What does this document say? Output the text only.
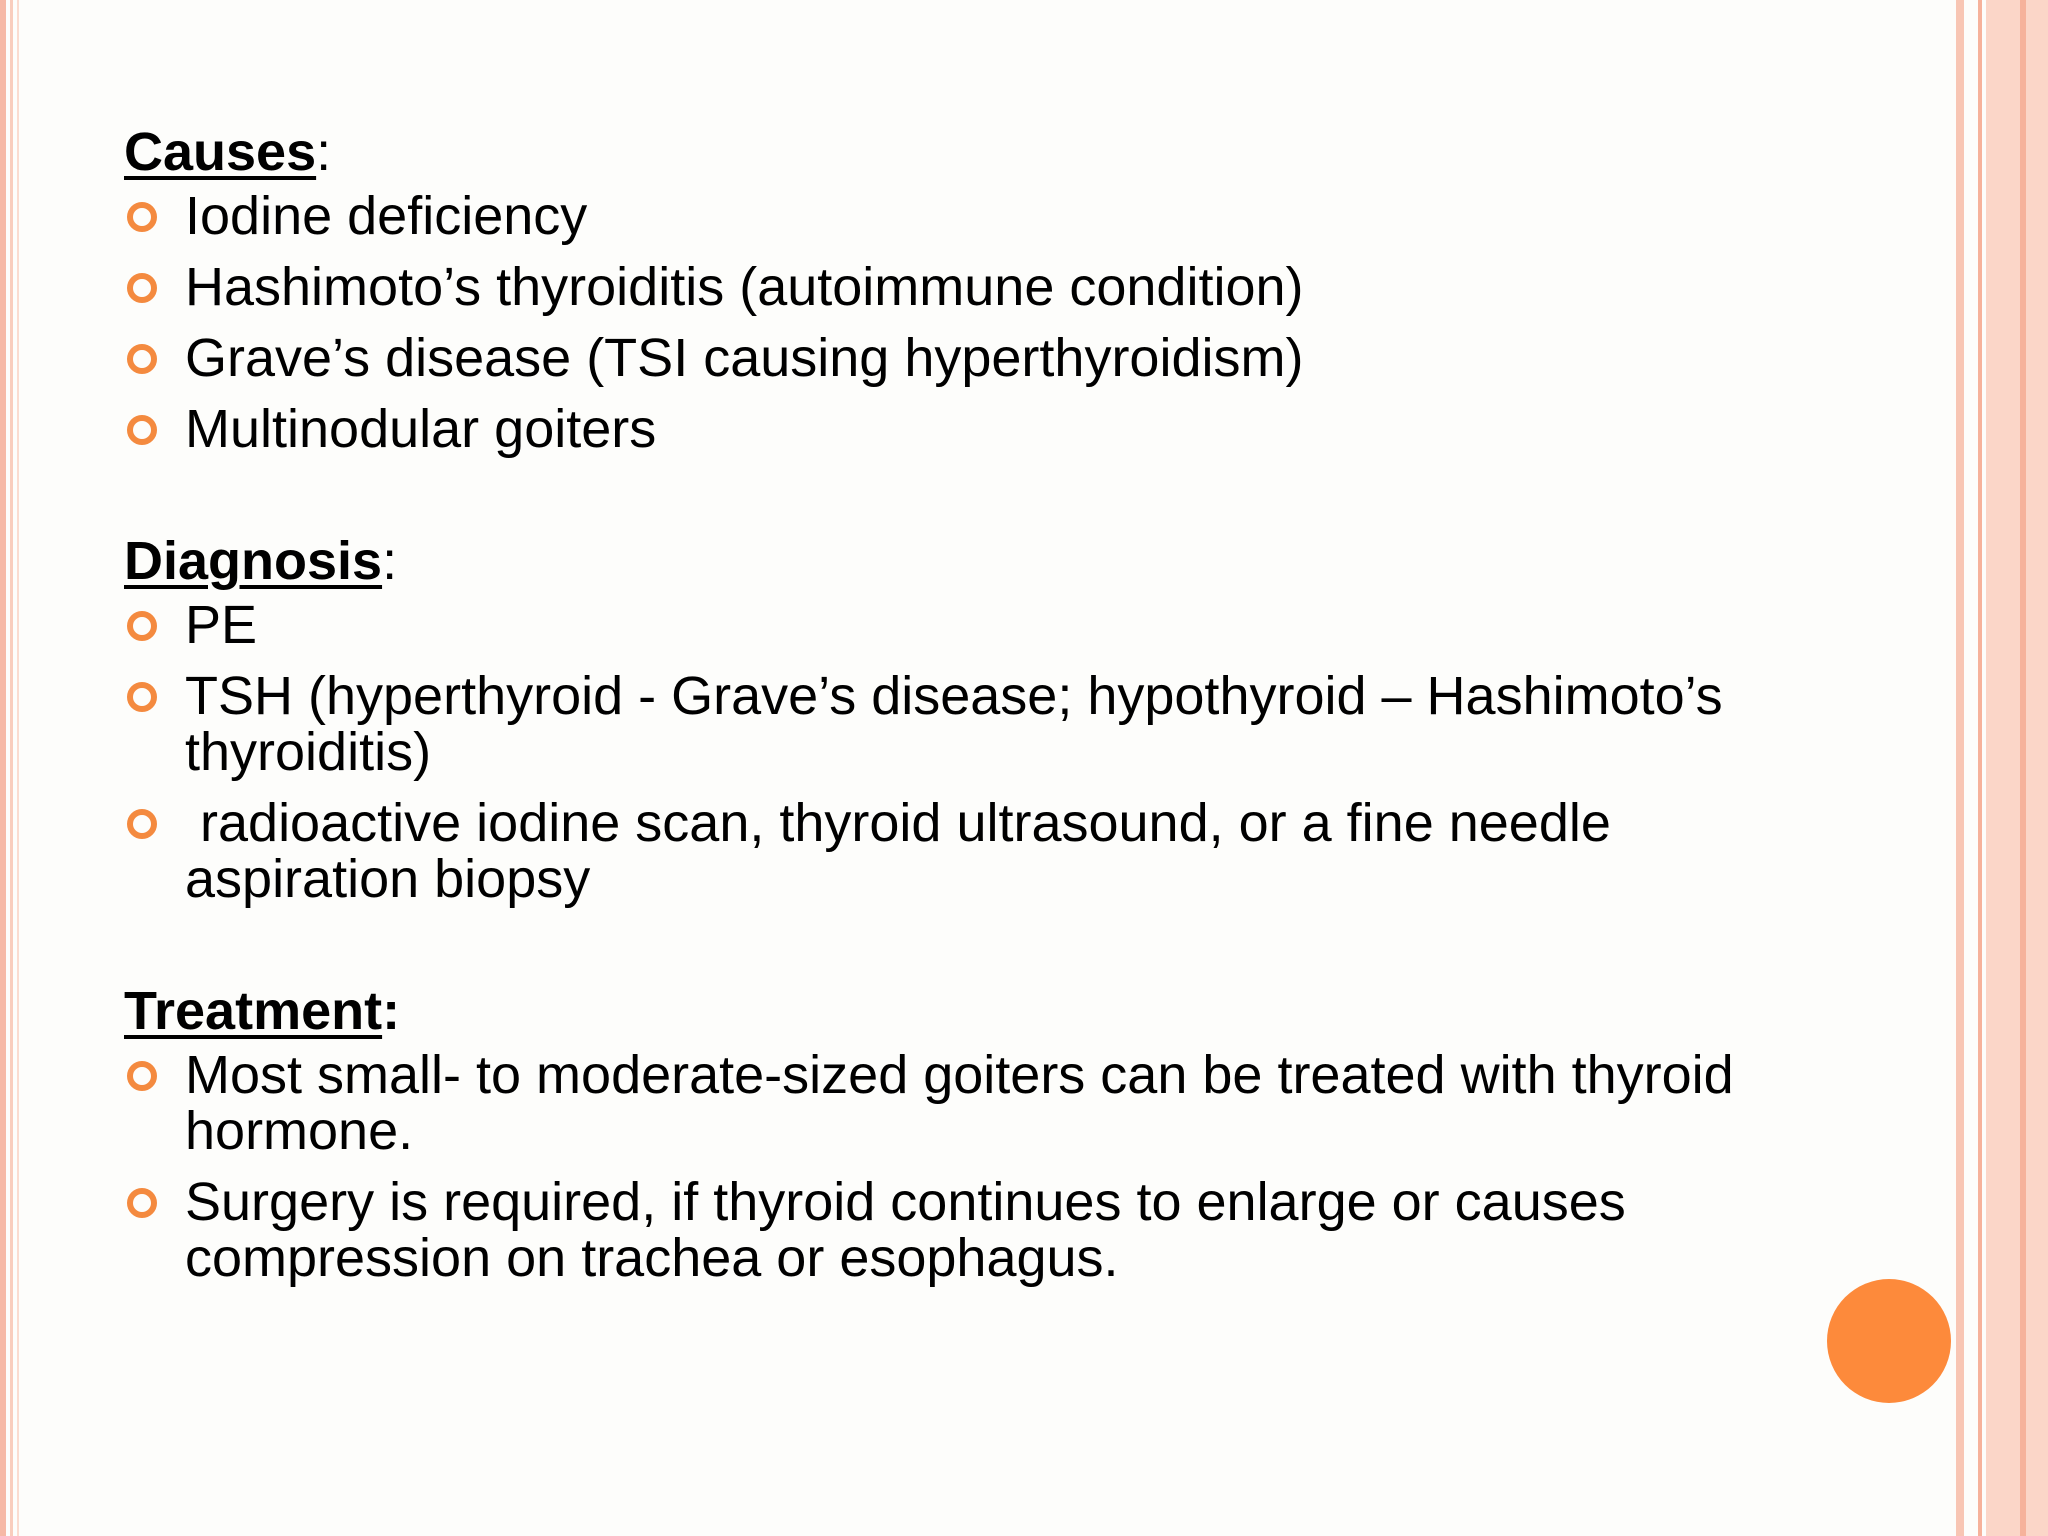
Causes:

Iodine deficiency
Hashimoto’s thyroiditis (autoimmune condition)
Grave’s disease (TSI causing hyperthyroidism)
Multinodular goiters

Diagnosis:

PE
TSH (hyperthyroid - Grave’s disease; hypothyroid – Hashimoto’s thyroiditis)
radioactive iodine scan, thyroid ultrasound, or a fine needle aspiration biopsy

Treatment:

Most small- to moderate-sized goiters can be treated with thyroid hormone.
Surgery is required, if thyroid continues to enlarge or causes compression on trachea or esophagus.
